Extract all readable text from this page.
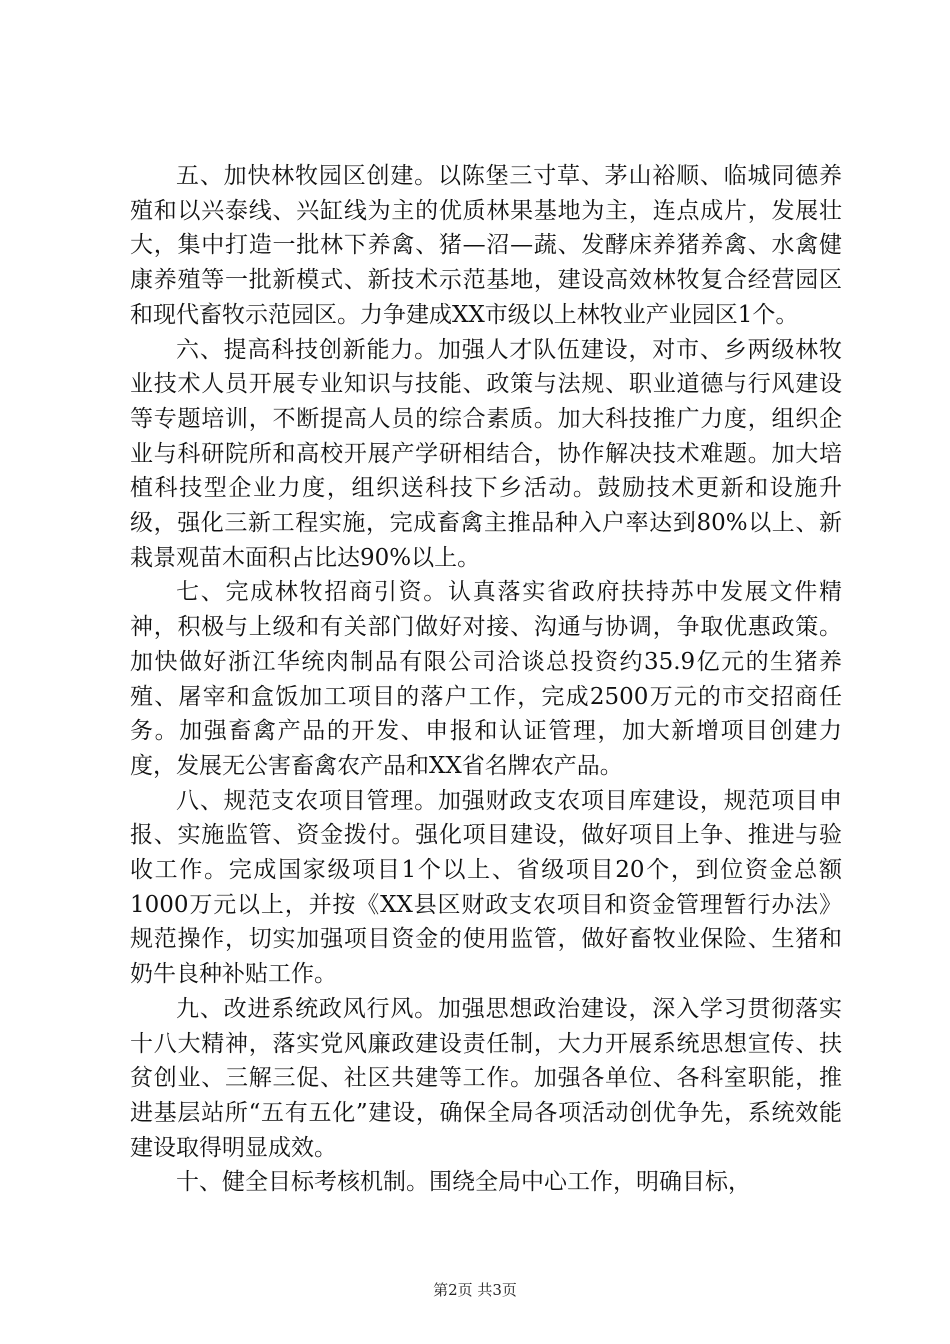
五、加快林牧园区创建。以陈堡三寸草、茅山裕顺、临城同德养殖和以兴泰线、兴缸线为主的优质林果基地为主，连点成片，发展壮大，集中打造一批林下养禽、猪—沼—蔬、发酵床养猪养禽、水禽健康养殖等一批新模式、新技术示范基地，建设高效林牧复合经营园区和现代畜牧示范园区。力争建成XX市级以上林牧业产业园区1个。

六、提高科技创新能力。加强人才队伍建设，对市、乡两级林牧业技术人员开展专业知识与技能、政策与法规、职业道德与行风建设等专题培训，不断提高人员的综合素质。加大科技推广力度，组织企业与科研院所和高校开展产学研相结合，协作解决技术难题。加大培植科技型企业力度，组织送科技下乡活动。鼓励技术更新和设施升级，强化三新工程实施，完成畜禽主推品种入户率达到80%以上、新栽景观苗木面积占比达90%以上。

七、完成林牧招商引资。认真落实省政府扶持苏中发展文件精神，积极与上级和有关部门做好对接、沟通与协调，争取优惠政策。加快做好浙江华统肉制品有限公司洽谈总投资约35.9亿元的生猪养殖、屠宰和盒饭加工项目的落户工作，完成2500万元的市交招商任务。加强畜禽产品的开发、申报和认证管理，加大新增项目创建力度，发展无公害畜禽农产品和XX省名牌农产品。

八、规范支农项目管理。加强财政支农项目库建设，规范项目申报、实施监管、资金拨付。强化项目建设，做好项目上争、推进与验收工作。完成国家级项目1个以上、省级项目20个，到位资金总额1000万元以上，并按《XX县区财政支农项目和资金管理暂行办法》规范操作，切实加强项目资金的使用监管，做好畜牧业保险、生猪和奶牛良种补贴工作。

九、改进系统政风行风。加强思想政治建设，深入学习贯彻落实十八大精神，落实党风廉政建设责任制，大力开展系统思想宣传、扶贫创业、三解三促、社区共建等工作。加强各单位、各科室职能，推进基层站所“五有五化”建设，确保全局各项活动创优争先，系统效能建设取得明显成效。

十、健全目标考核机制。围绕全局中心工作，明确目标，

第2页 共3页
